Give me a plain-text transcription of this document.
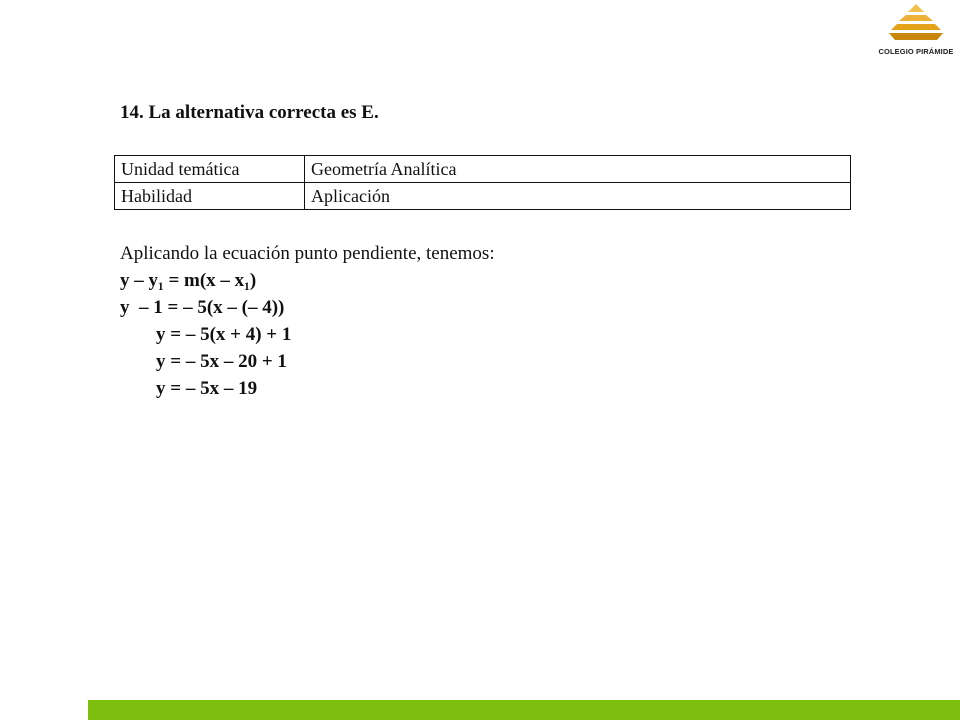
COLEGIO PIRÁMIDE
14. La alternativa correcta es E.
Unidad temática	Geometría Analítica
Habilidad	Aplicación
Aplicando la ecuación punto pendiente, tenemos:
y – y₁ = m(x – x₁)
y  – 1 = – 5(x – (– 4))
y = – 5(x + 4) + 1
y = – 5x – 20 + 1
y = – 5x – 19
